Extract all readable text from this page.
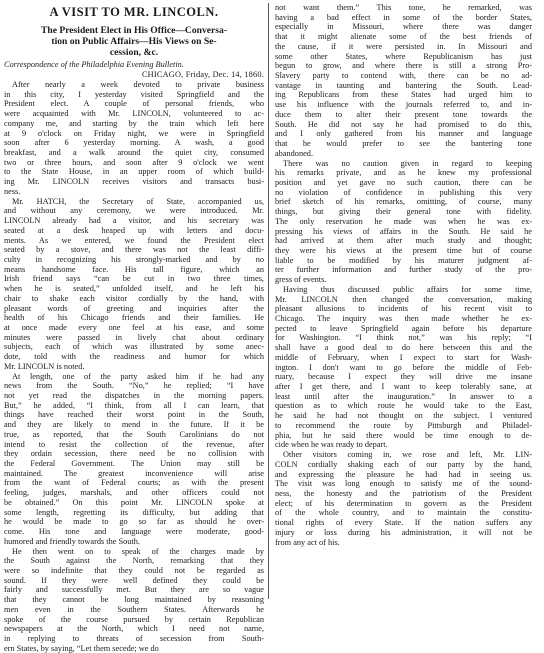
A VISIT TO MR. LINCOLN.
The President Elect in His Office—Conversa-
tion on Public Affairs—His Views on Se-
cession, &c.
Correspondence of the Philadelphia Evening Bulletin.
CHICAGO, Friday, Dec. 14, 1860.
After nearly a week devoted to private business
in this city, I yesterday visited Springfield and the
President elect. A couple of personal friends, who
were acquainted with Mr. LINCOLN, volunteered to ac-
company me, and starting by the train which left here
at 9 o'clock on Friday night, we were in Springfield
soon after 6 yesterday morning. A wash, a good
breakfast, and a walk around the quiet city, consumed
two or three hours, and soon after 9 o'clock we went
to the State House, in an upper room of which build-
ing Mr. LINCOLN receives visitors and transacts busi-
ness.
Mr. HATCH, the Secretary of State, accompanied us,
and without any ceremony, we were introduced. Mr.
LINCOLN already had a visitor, and his secretary was
seated at a desk heaped up with letters and docu-
ments. As we entered, we found the President elect
seated by a stove, and there was not the least diffi-
culty in recognizing his strongly-marked and by no
means handsome face. His tall figure, which an
Irish friend says “can be cut in two three times,
when he is seated,” unfolded itself, and he left his
chair to shake each visitor cordially by the hand, with
pleasant words of greeting and inquiries after the
health of his Chicago friends and their families. He
at once made every one feel at his ease, and some
minutes were passed in lively chat about ordinary
subjects, each of which was illustrated by some anec-
dote, told with the readiness and humor for which
Mr. LINCOLN is noted.
At length, one of the party asked him if he had any
news from the South. “No,” he replied; “I have
not yet read the dispatches in the morning papers.
But,” he added, “I think, from all I can learn, that
things have reached their worst point in the South,
and they are likely to mend in the future. If it be
true, as reported, that the South Carolinians do not
intend to resist the collection of the revenue, after
they ordain secession, there need be no collision with
the Federal Government. The Union may still be
maintained. The greatest inconvenience will arise
from the want of Federal courts; as with the present
feeling, judges, marshals, and other officers could not
be obtained.” On this point Mr. LINCOLN spoke at
some length, regretting its difficulty, but adding that
he would be made to go so far as should he over-
come. His tone and language were moderate, good-
humored and friendly towards the South.
He then went on to speak of the charges made by
the South against the North, remarking that they
were so indefinite that they could not be regarded as
sound. If they were well defined they could be
fairly and successfully met. But they are so vague
that they cannot be long maintained by reasoning
men even in the Southern States. Afterwards he
spoke of the course pursued by certain Republican
newspapers at the North, which I need not name,
in replying to threats of secession from South-
ern States, by saying, “Let them secede; we do
not want them.” This tone, he remarked, was
having a bad effect in some of the border States,
especially in Missouri, where there was danger
that it might alienate some of the best friends of
the cause, if it were persisted in. In Missouri and
some other States, where Republicanism has just
begun to grow, and where there is still a strong Pro-
Slavery party to contend with, there can be no ad-
vantage in taunting and bantering the South. Lead-
ing Republicans from these States had urged him to
use his influence with the journals referred to, and in-
duce them to alter their present tone towards the
South. He did not say he had promised to do this,
and I only gathered from his manner and language
that he would prefer to see the bantering tone
abandoned.
There was no caution given in regard to keeping
his remarks private, and as he knew my professional
position and yet gave no such caution, there can be
no violation of confidence in publishing this very
brief sketch of his remarks, omitting, of course, many
things, but giving their general tone with fidelity.
The only reservation he made was when he was ex-
pressing his views of affairs in the South. He said he
had arrived at them after much study and thought;
they were his views at the present time but of course
liable to be modified by his maturer judgment af-
ter further information and further study of the pro-
gress of events.
Having thus discussed public affairs for some time,
Mr. LINCOLN then changed the conversation, making
pleasant allusions to incidents of his recent visit to
Chicago. The inquiry was then made whether he ex-
pected to leave Springfield again before his departure
for Washington. “I think not,” was his reply; “I
shall have a good deal to do here between this and the
middle of February, when I expect to start for Wash-
ington. I don't want to go before the middle of Feb-
ruary, because I expect they will drive me insane
after I get there, and I want to keep tolerably sane, at
least until after the inauguration.” In answer to a
question as to which route he would take to the East,
he said he had not thought on the subject. I ventured
to recommend the route by Pittsburgh and Philadel-
phia, but he said there would be time enough to de-
cide when he was ready to depart.
Other visitors coming in, we rose and left, Mr. LIN-
COLN cordially shaking each of our party by the hand,
and expressing the pleasure he had had in seeing us.
The visit was long enough to satisfy me of the sound-
ness, the honesty and the patriotism of the President
elect; of his determination to govern as the President
of the whole country, and to maintain the constitu-
tional rights of every State. If the nation suffers any
injury or loss during his administration, it will not be
from any act of his.
